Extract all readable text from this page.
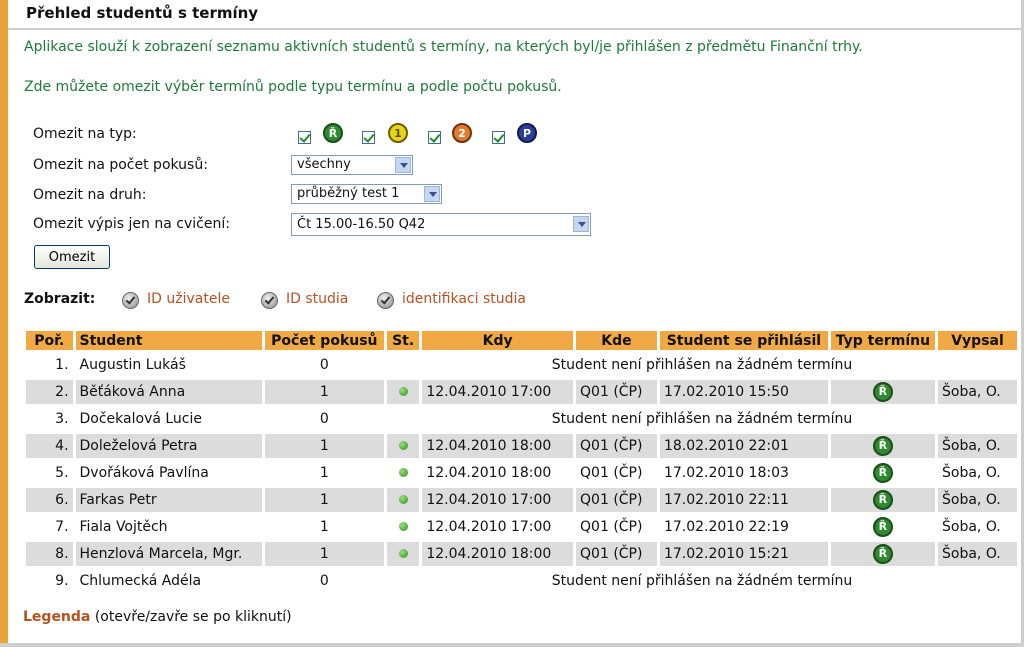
Přehled studentů s termíny
Aplikace slouží k zobrazení seznamu aktivních studentů s termíny, na kterých byl/je přihlášen z předmětu Finanční trhy.
Zde můžete omezit výběr termínů podle typu termínu a podle počtu pokusů.
Omezit na typ:	Ř	1	2	P
Omezit na počet pokusů:	všechny
Omezit na druh:	průběžný test 1
Omezit výpis jen na cvičení:	Čt 15.00-16.50 Q42
Omezit
Zobrazit:	ID uživatele	ID studia	identifikaci studia
Poř.	Student	Počet pokusů	St.	Kdy	Kde	Student se přihlásil	Typ termínu	Vypsal
1.	Augustin Lukáš	0	Student není přihlášen na žádném termínu					
2.	Běťáková Anna	1		12.04.2010 17:00	Q01 (ČP)	17.02.2010 15:50	Ř	Šoba, O.
3.	Dočekalová Lucie	0	Student není přihlášen na žádném termínu					
4.	Doleželová Petra	1		12.04.2010 18:00	Q01 (ČP)	18.02.2010 22:01	Ř	Šoba, O.
5.	Dvořáková Pavlína	1		12.04.2010 18:00	Q01 (ČP)	17.02.2010 18:03	Ř	Šoba, O.
6.	Farkas Petr	1		12.04.2010 17:00	Q01 (ČP)	17.02.2010 22:11	Ř	Šoba, O.
7.	Fiala Vojtěch	1		12.04.2010 17:00	Q01 (ČP)	17.02.2010 22:19	Ř	Šoba, O.
8.	Henzlová Marcela, Mgr.	1		12.04.2010 18:00	Q01 (ČP)	17.02.2010 15:21	Ř	Šoba, O.
9.	Chlumecká Adéla	0	Student není přihlášen na žádném termínu					
Legenda (otevře/zavře se po kliknutí)
